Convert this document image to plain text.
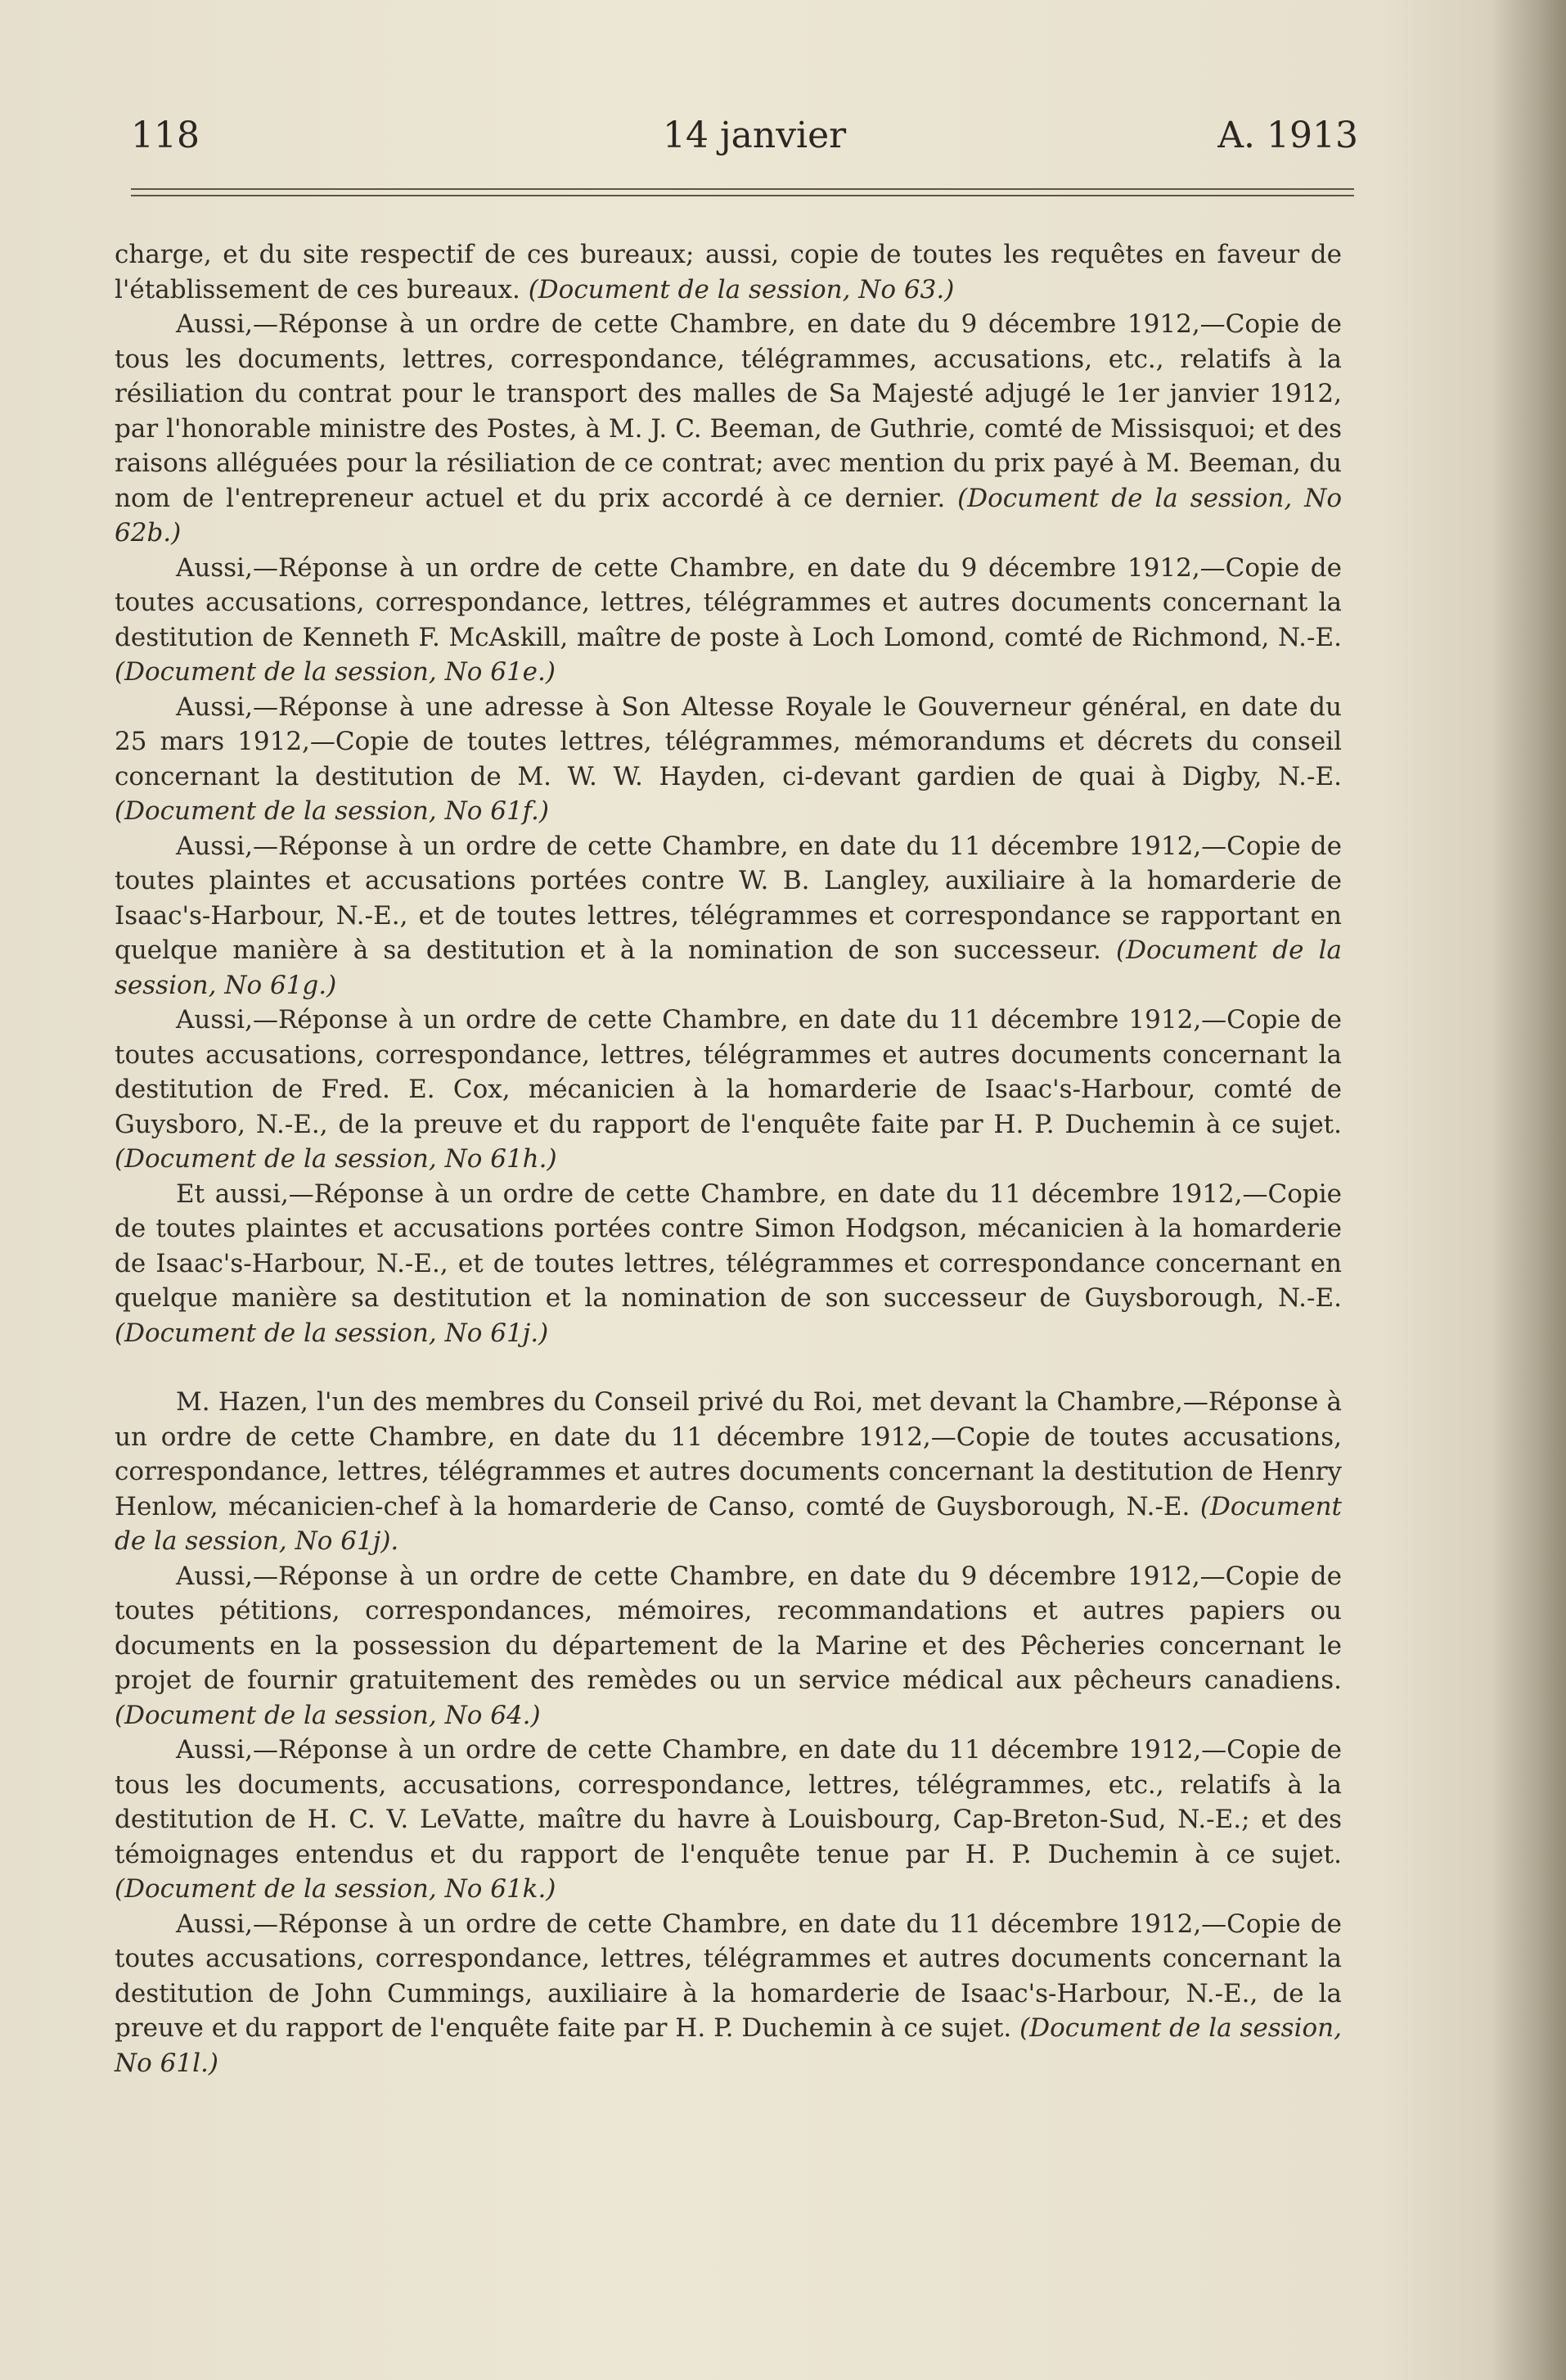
118	14 janvier	A. 1913

charge, et du site respectif de ces bureaux; aussi, copie de toutes les requêtes en faveur de l'établissement de ces bureaux. (Document de la session, No 63.)

Aussi,—Réponse à un ordre de cette Chambre, en date du 9 décembre 1912,—Copie de tous les documents, lettres, correspondance, télégrammes, accusations, etc., relatifs à la résiliation du contrat pour le transport des malles de Sa Majesté adjugé le 1er janvier 1912, par l'honorable ministre des Postes, à M. J. C. Beeman, de Guthrie, comté de Missisquoi; et des raisons alléguées pour la résiliation de ce contrat; avec mention du prix payé à M. Beeman, du nom de l'entrepreneur actuel et du prix accordé à ce dernier. (Document de la session, No 62b.)

Aussi,—Réponse à un ordre de cette Chambre, en date du 9 décembre 1912,—Copie de toutes accusations, correspondance, lettres, télégrammes et autres documents concernant la destitution de Kenneth F. McAskill, maître de poste à Loch Lomond, comté de Richmond, N.-E. (Document de la session, No 61e.)

Aussi,—Réponse à une adresse à Son Altesse Royale le Gouverneur général, en date du 25 mars 1912,—Copie de toutes lettres, télégrammes, mémorandums et décrets du conseil concernant la destitution de M. W. W. Hayden, ci-devant gardien de quai à Digby, N.-E. (Document de la session, No 61f.)

Aussi,—Réponse à un ordre de cette Chambre, en date du 11 décembre 1912,—Copie de toutes plaintes et accusations portées contre W. B. Langley, auxiliaire à la homarderie de Isaac's-Harbour, N.-E., et de toutes lettres, télégrammes et correspondance se rapportant en quelque manière à sa destitution et à la nomination de son successeur. (Document de la session, No 61g.)

Aussi,—Réponse à un ordre de cette Chambre, en date du 11 décembre 1912,—Copie de toutes accusations, correspondance, lettres, télégrammes et autres documents concernant la destitution de Fred. E. Cox, mécanicien à la homarderie de Isaac's-Harbour, comté de Guysboro, N.-E., de la preuve et du rapport de l'enquête faite par H. P. Duchemin à ce sujet. (Document de la session, No 61h.)

Et aussi,—Réponse à un ordre de cette Chambre, en date du 11 décembre 1912,—Copie de toutes plaintes et accusations portées contre Simon Hodgson, mécanicien à la homarderie de Isaac's-Harbour, N.-E., et de toutes lettres, télégrammes et correspondance concernant en quelque manière sa destitution et la nomination de son successeur de Guysborough, N.-E. (Document de la session, No 61j.)

M. Hazen, l'un des membres du Conseil privé du Roi, met devant la Chambre,—Réponse à un ordre de cette Chambre, en date du 11 décembre 1912,—Copie de toutes accusations, correspondance, lettres, télégrammes et autres documents concernant la destitution de Henry Henlow, mécanicien-chef à la homarderie de Canso, comté de Guysborough, N.-E. (Document de la session, No 61j).

Aussi,—Réponse à un ordre de cette Chambre, en date du 9 décembre 1912,—Copie de toutes pétitions, correspondances, mémoires, recommandations et autres papiers ou documents en la possession du département de la Marine et des Pêcheries concernant le projet de fournir gratuitement des remèdes ou un service médical aux pêcheurs canadiens. (Document de la session, No 64.)

Aussi,—Réponse à un ordre de cette Chambre, en date du 11 décembre 1912,—Copie de tous les documents, accusations, correspondance, lettres, télégrammes, etc., relatifs à la destitution de H. C. V. LeVatte, maître du havre à Louisbourg, Cap-Breton-Sud, N.-E.; et des témoignages entendus et du rapport de l'enquête tenue par H. P. Duchemin à ce sujet. (Document de la session, No 61k.)

Aussi,—Réponse à un ordre de cette Chambre, en date du 11 décembre 1912,—Copie de toutes accusations, correspondance, lettres, télégrammes et autres documents concernant la destitution de John Cummings, auxiliaire à la homarderie de Isaac's-Harbour, N.-E., de la preuve et du rapport de l'enquête faite par H. P. Duchemin à ce sujet. (Document de la session, No 61l.)
